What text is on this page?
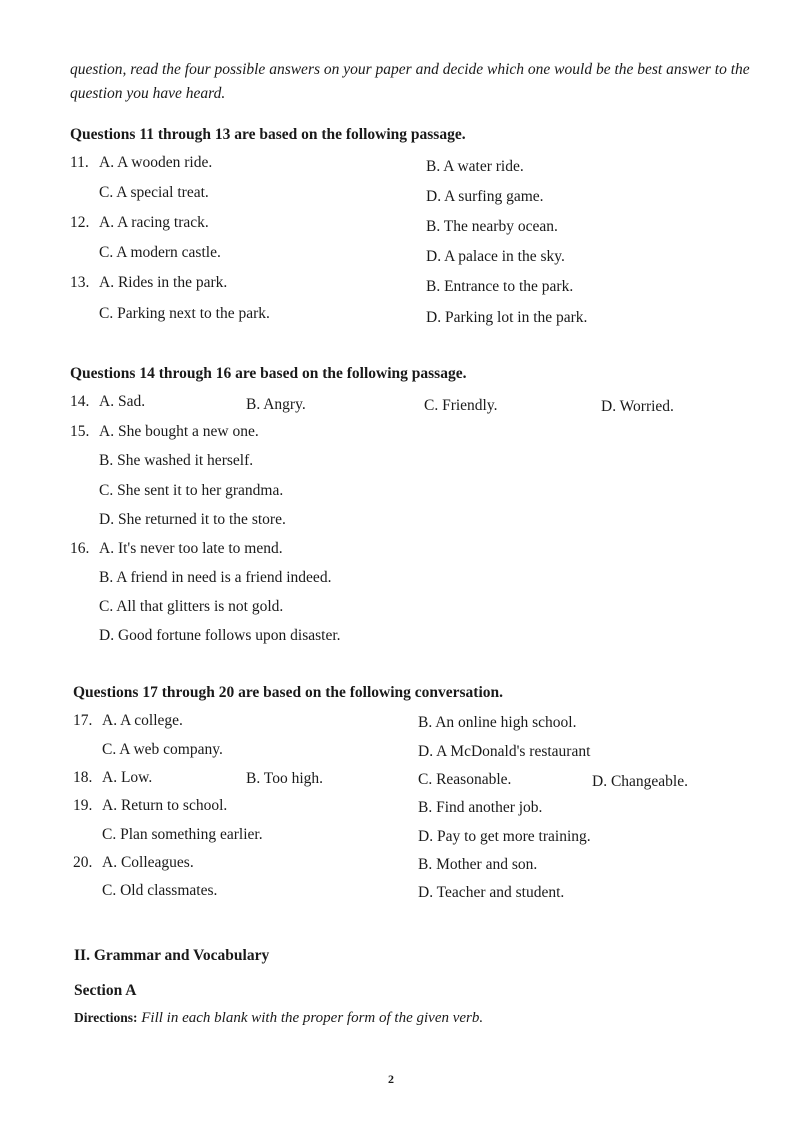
question, read the four possible answers on your paper and decide which one would be the best answer to the question you have heard.
Questions 11 through 13 are based on the following passage.
11. A. A wooden ride.	B. A water ride.
C. A special treat.	D. A surfing game.
12. A. A racing track.	B. The nearby ocean.
C. A modern castle.	D. A palace in the sky.
13. A. Rides in the park.	B. Entrance to the park.
C. Parking next to the park.	D. Parking lot in the park.
Questions 14 through 16 are based on the following passage.
14. A. Sad.	B. Angry.	C. Friendly.	D. Worried.
15. A. She bought a new one.
B. She washed it herself.
C. She sent it to her grandma.
D. She returned it to the store.
16. A. It's never too late to mend.
B. A friend in need is a friend indeed.
C. All that glitters is not gold.
D. Good fortune follows upon disaster.
Questions 17 through 20 are based on the following conversation.
17. A. A college.	B. An online high school.
C. A web company.	D. A McDonald's restaurant
18. A. Low.	B. Too high.	C. Reasonable.	D. Changeable.
19. A. Return to school.	B. Find another job.
C. Plan something earlier.	D. Pay to get more training.
20. A. Colleagues.	B. Mother and son.
C. Old classmates.	D. Teacher and student.
II. Grammar and Vocabulary
Section A
Directions: Fill in each blank with the proper form of the given verb.
2
